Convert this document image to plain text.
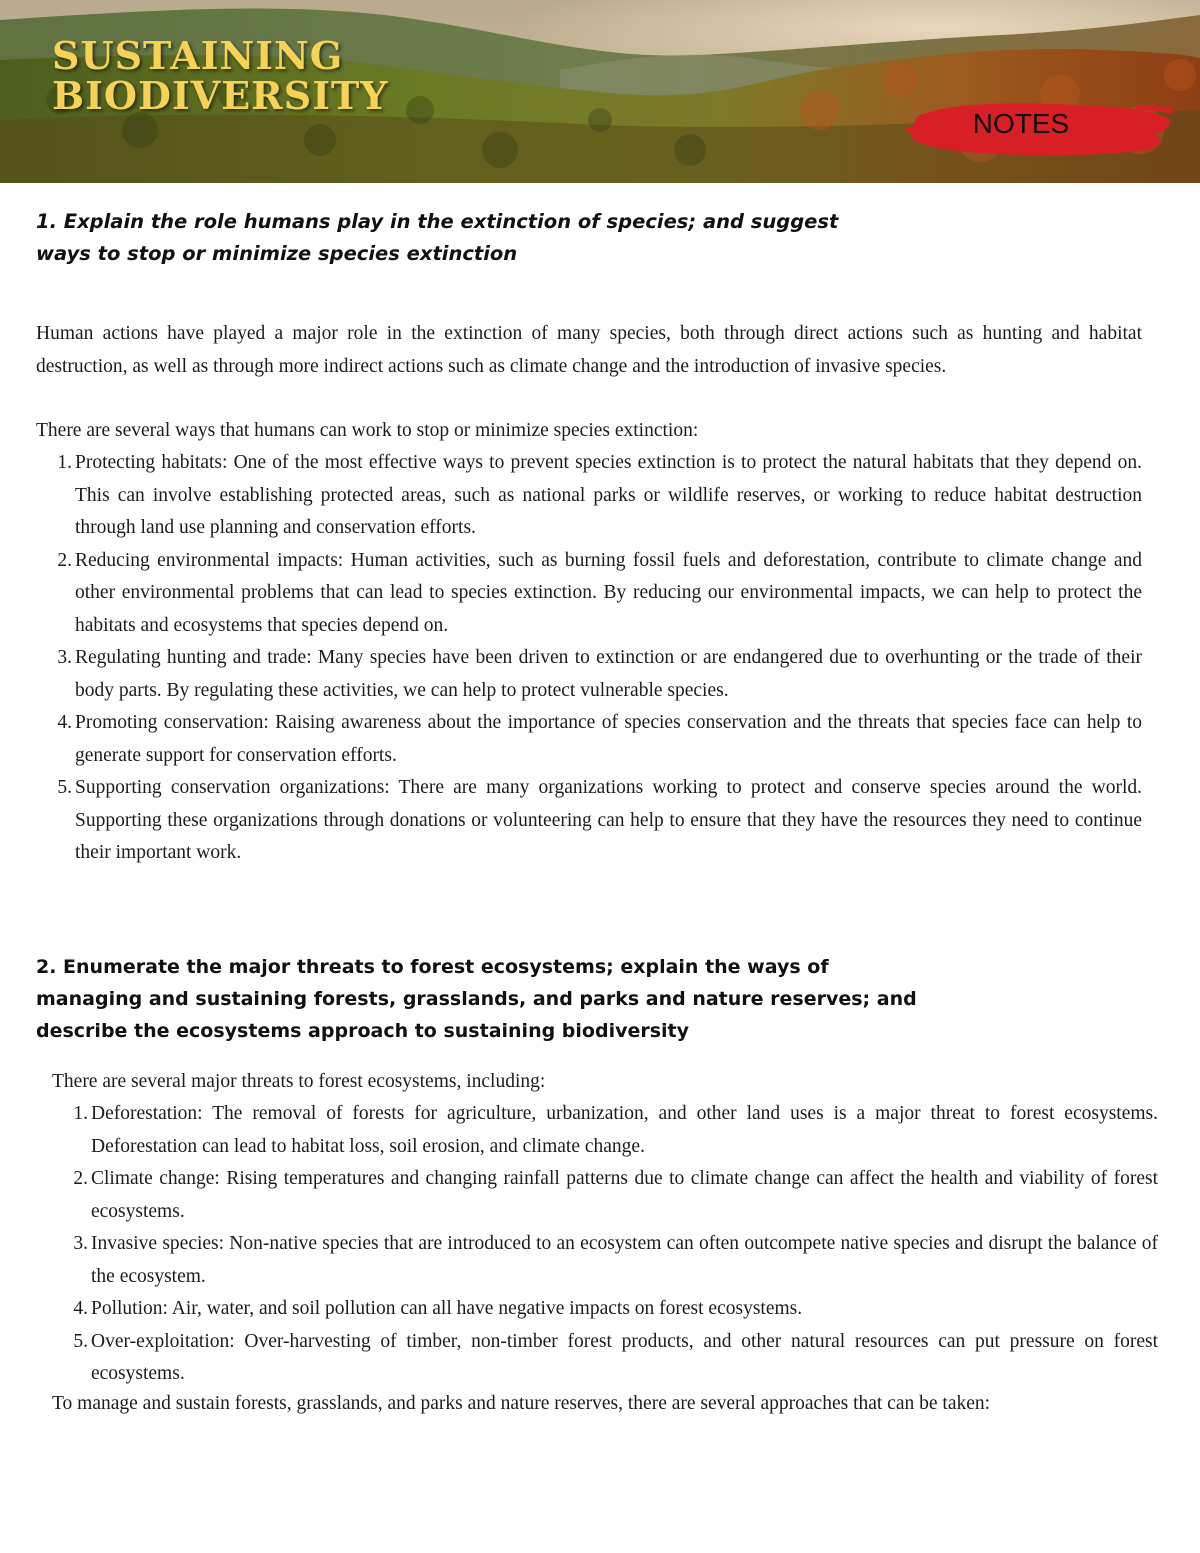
SUSTAINING
BIODIVERSITY
NOTES
1. Explain the role humans play in the extinction of species; and suggest
ways to stop or minimize species extinction

Human actions have played a major role in the extinction of many species, both through direct actions such as hunting and habitat destruction, as well as through more indirect actions such as climate change and the introduction of invasive species.

There are several ways that humans can work to stop or minimize species extinction:

1. Protecting habitats: One of the most effective ways to prevent species extinction is to protect the natural habitats that they depend on. This can involve establishing protected areas, such as national parks or wildlife reserves, or working to reduce habitat destruction through land use planning and conservation efforts.
2. Reducing environmental impacts: Human activities, such as burning fossil fuels and deforestation, contribute to climate change and other environmental problems that can lead to species extinction. By reducing our environmental impacts, we can help to protect the habitats and ecosystems that species depend on.
3. Regulating hunting and trade: Many species have been driven to extinction or are endangered due to overhunting or the trade of their body parts. By regulating these activities, we can help to protect vulnerable species.
4. Promoting conservation: Raising awareness about the importance of species conservation and the threats that species face can help to generate support for conservation efforts.
5. Supporting conservation organizations: There are many organizations working to protect and conserve species around the world. Supporting these organizations through donations or volunteering can help to ensure that they have the resources they need to continue their important work.
2. Enumerate the major threats to forest ecosystems; explain the ways of
managing and sustaining forests, grasslands, and parks and nature reserves; and
describe the ecosystems approach to sustaining biodiversity

There are several major threats to forest ecosystems, including:

1. Deforestation: The removal of forests for agriculture, urbanization, and other land uses is a major threat to forest ecosystems. Deforestation can lead to habitat loss, soil erosion, and climate change.
2. Climate change: Rising temperatures and changing rainfall patterns due to climate change can affect the health and viability of forest ecosystems.
3. Invasive species: Non-native species that are introduced to an ecosystem can often outcompete native species and disrupt the balance of the ecosystem.
4. Pollution: Air, water, and soil pollution can all have negative impacts on forest ecosystems.
5. Over-exploitation: Over-harvesting of timber, non-timber forest products, and other natural resources can put pressure on forest ecosystems.

To manage and sustain forests, grasslands, and parks and nature reserves, there are several approaches that can be taken:
